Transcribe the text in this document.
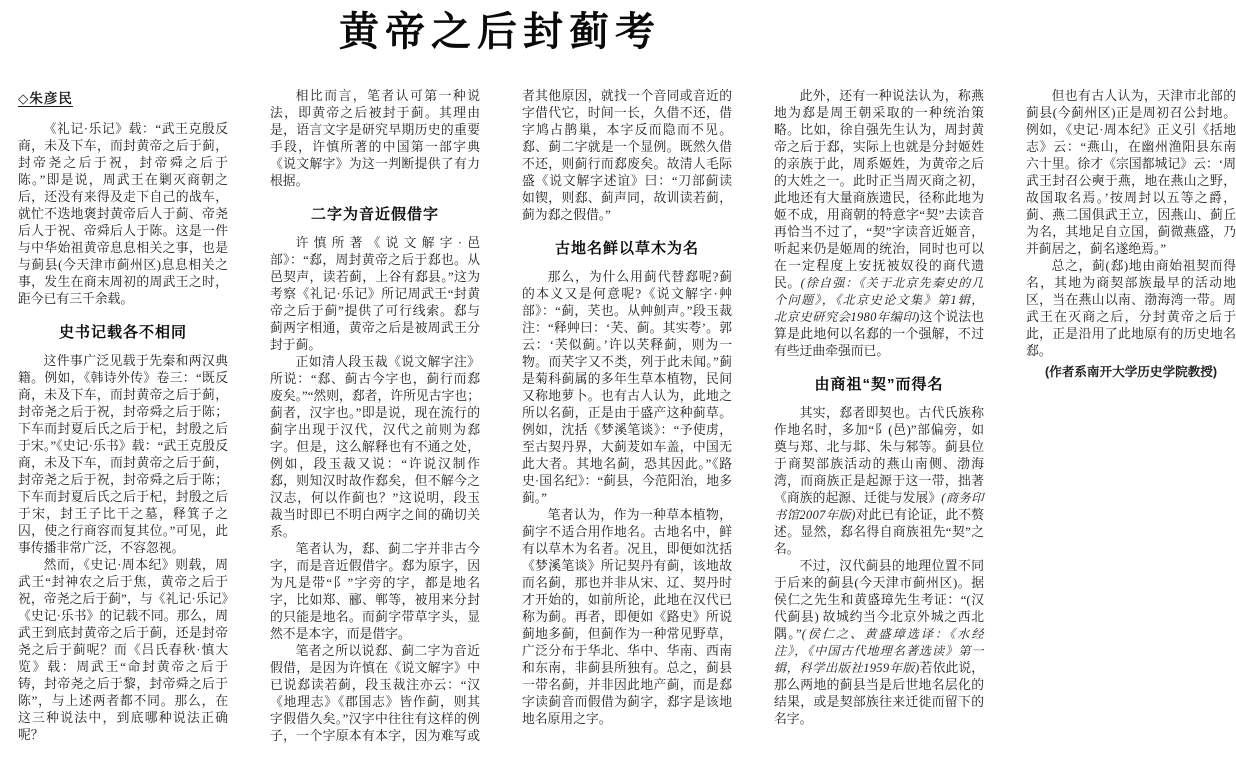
黄帝之后封蓟考
◇朱彦民

《礼记·乐记》载：“武王克殷反商，未及下车，而封黄帝之后于蓟，封帝尧之后于祝，封帝舜之后于陈。”即是说，周武王在剿灭商朝之后，还没有来得及走下自己的战车，就忙不迭地褒封黄帝后人于蓟、帝尧后人于祝、帝舜后人于陈。这是一件与中华始祖黄帝息息相关之事，也是与蓟县(今天津市蓟州区)息息相关之事，发生在商末周初的周武王之时，距今已有三千余载。

史书记载各不相同

这件事广泛见载于先秦和两汉典籍。例如，《韩诗外传》卷三：“既反商，未及下车，而封黄帝之后于蓟，封帝尧之后于祝，封帝舜之后于陈；下车而封夏后氏之后于杞，封殷之后于宋。”《史记·乐书》载：“武王克殷反商，未及下车，而封黄帝之后于蓟，封帝尧之后于祝，封帝舜之后于陈；下车而封夏后氏之后于杞，封殷之后于宋，封王子比干之墓，释箕子之囚，使之行商容而复其位。”可见，此事传播非常广泛，不容忽视。

然而，《史记·周本纪》则载，周武王“封神农之后于焦，黄帝之后于祝，帝尧之后于蓟”，与《礼记·乐记》《史记·乐书》的记载不同。那么，周武王到底封黄帝之后于蓟，还是封帝尧之后于蓟呢？而《吕氏春秋·慎大览》载：周武王“命封黄帝之后于铸，封帝尧之后于黎，封帝舜之后于陈”，与上述两者都不同。那么，在这三种说法中，到底哪种说法正确呢？

相比而言，笔者认可第一种说法，即黄帝之后被封于蓟。其理由是，语言文字是研究早期历史的重要手段，许慎所著的中国第一部字典《说文解字》为这一判断提供了有力根据。

二字为音近假借字

许慎所著《说文解字·邑部》：“郄，周封黄帝之后于郄也。从邑契声，读若蓟，上谷有郄县。”这为考察《礼记·乐记》所记周武王“封黄帝之后于蓟”提供了可行线索。郄与蓟两字相通，黄帝之后是被周武王分封于蓟。

正如清人段玉裁《说文解字注》所说：“郄、蓟古今字也，蓟行而郄废矣。”“然则，郄者，许所见古字也；蓟者，汉字也。”即是说，现在流行的蓟字出现于汉代，汉代之前则为郄字。但是，这么解释也有不通之处，例如，段玉裁又说：“许说汉制作郄，则知汉时故作郄矣，但不解今之汉志，何以作蓟也？”这说明，段玉裁当时即已不明白两字之间的确切关系。

笔者认为，郄、蓟二字并非古今字，而是音近假借字。郄为原字，因为凡是带“阝”字旁的字，都是地名字，比如郑、郦、郸等，被用来分封的只能是地名。而蓟字带草字头，显然不是本字，而是借字。

笔者之所以说郄、蓟二字为音近假借，是因为许慎在《说文解字》中已说郄读若蓟，段玉裁注亦云：“汉《地理志》《郡国志》皆作蓟，则其字假借久矣。”汉字中往往有这样的例子，一个字原本有本字，因为难写或者其他原因，就找一个音同或音近的字借代它，时间一长，久借不还，借字鸠占鹊巢，本字反而隐而不见。郄、蓟二字就是一个显例。既然久借不还，则蓟行而郄废矣。故清人毛际盛《说文解字述谊》曰：“刀部蓟读如锲，则郄、蓟声同，故训读若蓟，蓟为郄之假借。”

古地名鲜以草木为名

那么，为什么用蓟代替郄呢?蓟的本义又是何意呢?《说文解字·艸部》：“蓟，芺也。从艸魝声。”段玉裁注：“释艸曰：‘芺、蓟。其实荂’。郭云：‘芺似蓟。’许以芺释蓟，则为一物。而芺字又不类，列于此未闻。”蓟是菊科蓟属的多年生草本植物，民间又称地萝卜。也有古人认为，此地之所以名蓟，正是由于盛产这种蓟草。例如，沈括《梦溪笔谈》：“予使虏，至古契丹界，大蓟茇如车盖，中国无此大者。其地名蓟，恐其因此。”《路史·国名纪》：“蓟县，今范阳治，地多蓟。”

笔者认为，作为一种草本植物，蓟字不适合用作地名。古地名中，鲜有以草木为名者。况且，即便如沈括《梦溪笔谈》所记契丹有蓟，该地故而名蓟，那也并非从宋、辽、契丹时才开始的，如前所论，此地在汉代已称为蓟。再者，即便如《路史》所说蓟地多蓟，但蓟作为一种常见野草，广泛分布于华北、华中、华南、西南和东南，非蓟县所独有。总之，蓟县一带名蓟，并非因此地产蓟，而是郄字读蓟音而假借为蓟字，郄字是该地地名原用之字。

此外，还有一种说法认为，称燕地为郄是周王朝采取的一种统治策略。比如，徐自强先生认为，周封黄帝之后于郄，实际上也就是分封姬姓的亲族于此，周系姬姓，为黄帝之后的大姓之一。此时正当周灭商之初，此地还有大量商族遗民，径称此地为姬不成，用商朝的特意字“契”去读音再恰当不过了，“契”字读音近姬音，听起来仍是姬周的统治，同时也可以在一定程度上安抚被奴役的商代遗民。(徐自强：《关于北京先秦史的几个问题》，《北京史论文集》第1辑，北京史研究会1980年编印)这个说法也算是此地何以名郄的一个强解，不过有些迂曲牵强而已。

由商祖“契”而得名

其实，郄者即契也。古代氏族称作地名时，多加“阝(邑)”部偏旁，如奠与郑、北与邶、朱与邾等。蓟县位于商契部族活动的燕山南侧、渤海湾，而商族正是起源于这一带，拙著《商族的起源、迁徙与发展》(商务印书馆2007年版)对此已有论证，此不赘述。显然，郄名得自商族祖先“契”之名。

不过，汉代蓟县的地理位置不同于后来的蓟县(今天津市蓟州区)。据侯仁之先生和黄盛璋先生考证：“(汉代蓟县) 故城约当今北京外城之西北隅。”(侯仁之、黄盛璋选译：《水经注》，《中国古代地理名著选读》第一辑，科学出版社1959年版)若依此说，那么两地的蓟县当是后世地名层化的结果，或是契部族往来迁徙而留下的名字。

但也有古人认为，天津市北部的蓟县(今蓟州区)正是周初召公封地。例如，《史记·周本纪》正义引《括地志》云：“燕山，在幽州渔阳县东南六十里。徐才《宗国都城记》云：‘周武王封召公奭于燕，地在燕山之野，故国取名焉。’按周封以五等之爵，蓟、燕二国俱武王立，因燕山、蓟丘为名，其地足自立国，蓟微燕盛，乃并蓟居之，蓟名遂绝焉。”

总之，蓟(郄)地由商始祖契而得名，其地为商契部族最早的活动地区，当在燕山以南、渤海湾一带。周武王在灭商之后，分封黄帝之后于此，正是沿用了此地原有的历史地名郄。

(作者系南开大学历史学院教授)
